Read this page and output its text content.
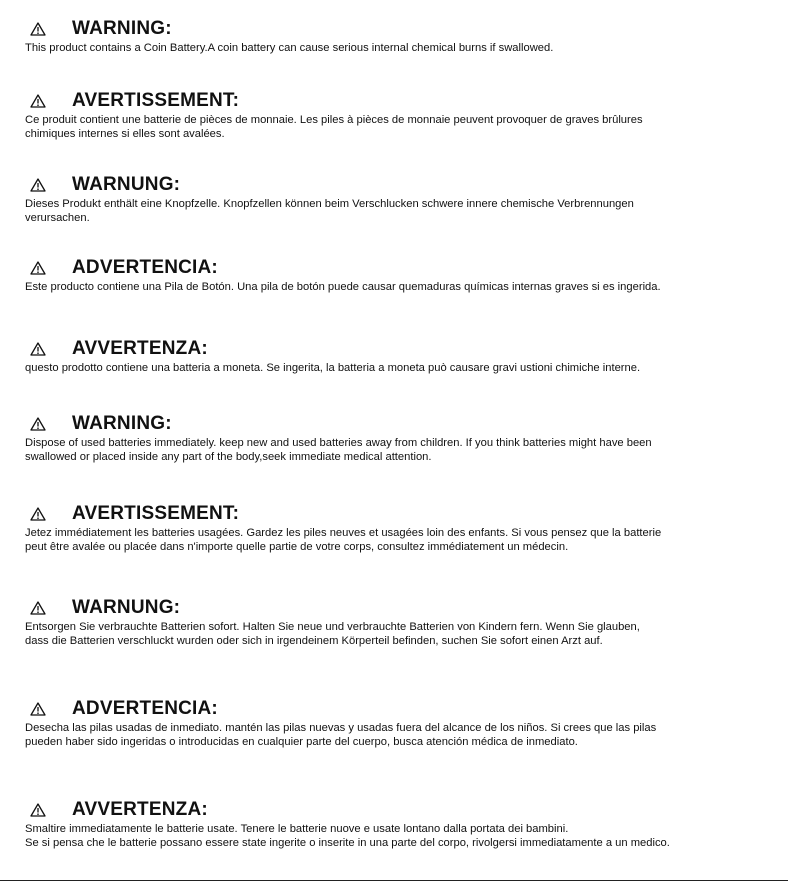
WARNING:
This product contains a Coin Battery.A coin battery can cause serious internal chemical burns if swallowed.
AVERTISSEMENT:
Ce produit contient une batterie de pièces de monnaie. Les piles à pièces de monnaie peuvent provoquer de graves brûlures
chimiques internes si elles sont avalées.
WARNUNG:
Dieses Produkt enthält eine Knopfzelle. Knopfzellen können beim Verschlucken schwere innere chemische Verbrennungen
verursachen.
ADVERTENCIA:
Este producto contiene una Pila de Botón. Una pila de botón puede causar quemaduras químicas internas graves si es ingerida.
AVVERTENZA:
questo prodotto contiene una batteria a moneta. Se ingerita, la batteria a moneta può causare gravi ustioni chimiche interne.
WARNING:
Dispose of used batteries immediately. keep new and used batteries away from children. If you think batteries might have been
swallowed or placed inside any part of the body,seek immediate medical attention.
AVERTISSEMENT:
Jetez immédiatement les batteries usagées. Gardez les piles neuves et usagées loin des enfants. Si vous pensez que la batterie
peut être avalée ou placée dans n'importe quelle partie de votre corps, consultez immédiatement un médecin.
WARNUNG:
Entsorgen Sie verbrauchte Batterien sofort. Halten Sie neue und verbrauchte Batterien von Kindern fern. Wenn Sie glauben,
dass die Batterien verschluckt wurden oder sich in irgendeinem Körperteil befinden, suchen Sie sofort einen Arzt auf.
ADVERTENCIA:
Desecha las pilas usadas de inmediato. mantén las pilas nuevas y usadas fuera del alcance de los niños. Si crees que las pilas
pueden haber sido ingeridas o introducidas en cualquier parte del cuerpo, busca atención médica de inmediato.
AVVERTENZA:
Smaltire immediatamente le batterie usate. Tenere le batterie nuove e usate lontano dalla portata dei bambini.
Se si pensa che le batterie possano essere state ingerite o inserite in una parte del corpo, rivolgersi immediatamente a un medico.
